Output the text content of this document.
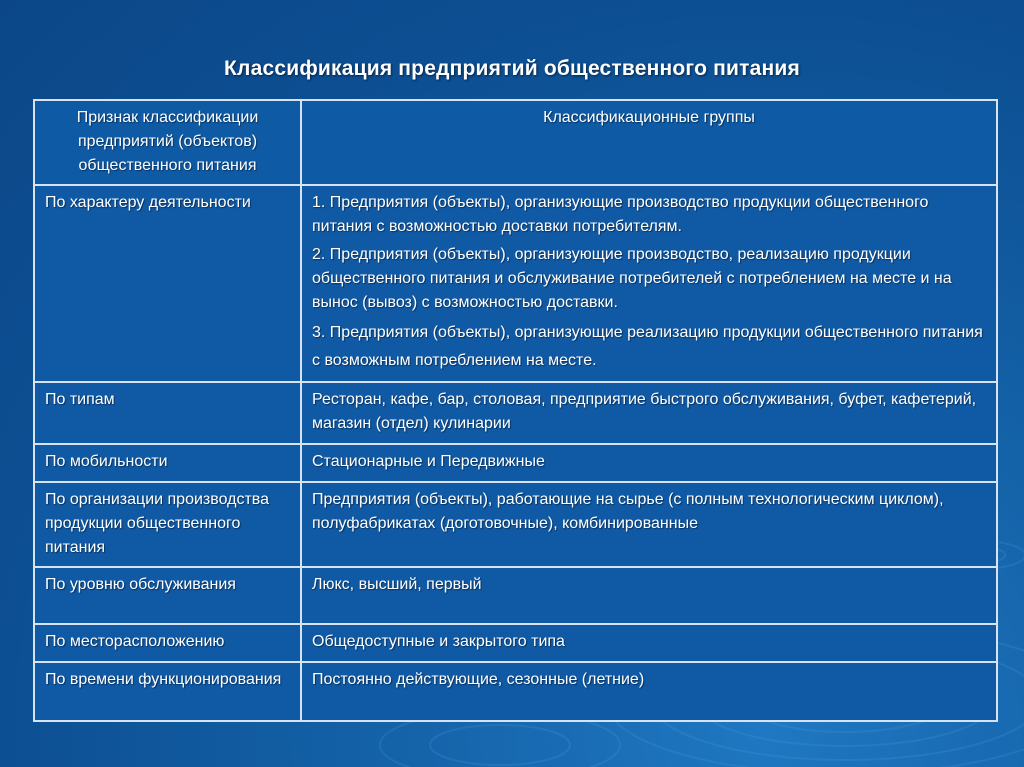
Классификация предприятий общественного питания
Признак классификации предприятий (объектов) общественного питания	Классификационные группы
По характеру деятельности	1. Предприятия (объекты), организующие производство продукции общественного питания с возможностью доставки потребителям.
2. Предприятия (объекты), организующие производство, реализацию продукции общественного питания и обслуживание потребителей с потреблением на месте и на вынос (вывоз) с возможностью доставки.
3. Предприятия (объекты), организующие реализацию продукции общественного питания с возможным потреблением на месте.

По типам	Ресторан, кафе, бар, столовая, предприятие быстрого обслуживания, буфет, кафетерий, магазин (отдел) кулинарии
По мобильности	Стационарные и Передвижные
По организации производства продукции общественного питания	Предприятия (объекты), работающие на сырье (с полным технологическим циклом), полуфабрикатах (доготовочные), комбинированные
По уровню обслуживания	Люкс, высший, первый
По месторасположению	Общедоступные и закрытого типа
По времени функционирования	Постоянно действующие, сезонные (летние)
